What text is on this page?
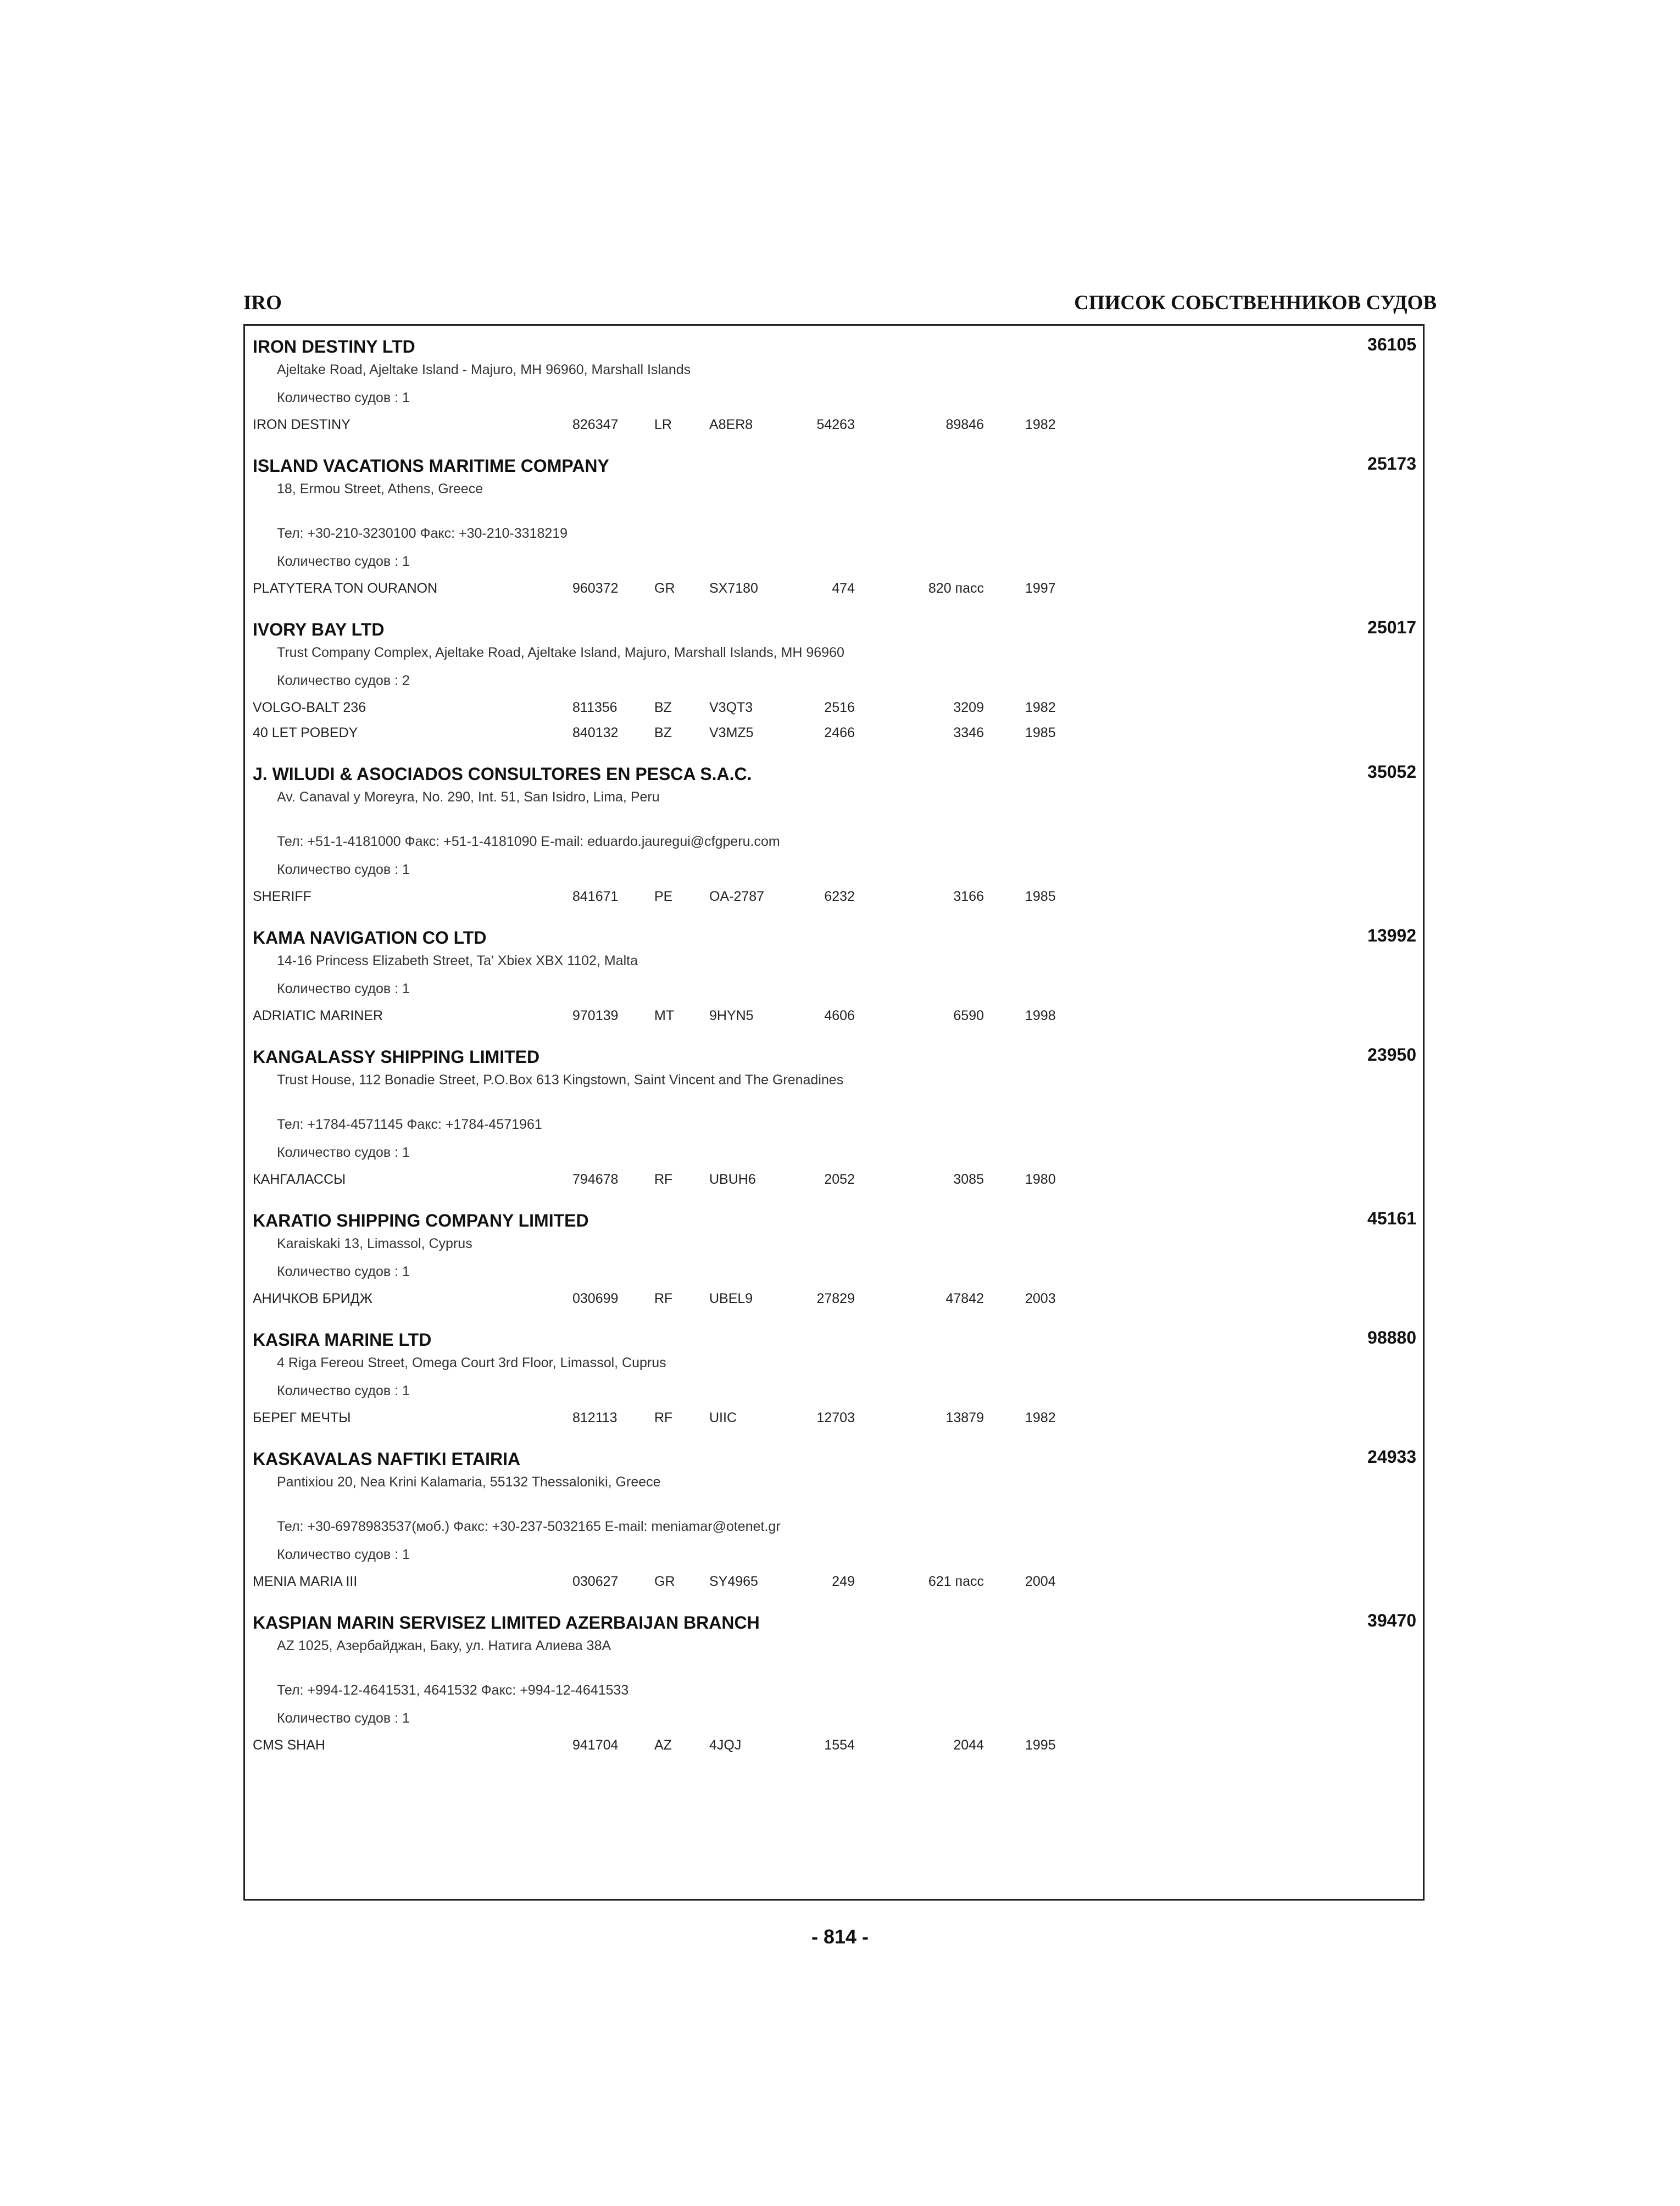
IRO	СПИСОК СОБСТВЕННИКОВ СУДОВ
IRON DESTINY LTD	36105
Ajeltake Road, Ajeltake Island - Majuro, MH 96960, Marshall Islands
Количество судов : 1
IRON DESTINY	826347	LR	A8ER8	54263	89846	1982
ISLAND VACATIONS MARITIME COMPANY	25173
18, Ermou Street, Athens, Greece
Тел: +30-210-3230100 Факс: +30-210-3318219
Количество судов : 1
PLATYTERA TON OURANON	960372	GR	SX7180	474	820 пасс	1997
IVORY BAY LTD	25017
Trust Company Complex, Ajeltake Road, Ajeltake Island, Majuro, Marshall Islands, MH 96960
Количество судов : 2
VOLGO-BALT 236	811356	BZ	V3QT3	2516	3209	1982
40 LET POBEDY	840132	BZ	V3MZ5	2466	3346	1985
J. WILUDI & ASOCIADOS CONSULTORES EN PESCA S.A.C.	35052
Av. Canaval y Moreyra, No. 290, Int. 51, San Isidro, Lima, Peru
Тел: +51-1-4181000 Факс: +51-1-4181090 E-mail: eduardo.jauregui@cfgperu.com
Количество судов : 1
SHERIFF	841671	PE	OA-2787	6232	3166	1985
KAMA NAVIGATION CO LTD	13992
14-16 Princess Elizabeth Street, Ta' Xbiex XBX 1102, Malta
Количество судов : 1
ADRIATIC MARINER	970139	MT	9HYN5	4606	6590	1998
KANGALASSY SHIPPING LIMITED	23950
Trust House, 112 Bonadie Street, P.O.Box 613 Kingstown, Saint Vincent and The Grenadines
Тел: +1784-4571145 Факс: +1784-4571961
Количество судов : 1
КАНГАЛАССЫ	794678	RF	UBUH6	2052	3085	1980
KARATIO SHIPPING COMPANY LIMITED	45161
Karaiskaki 13, Limassol, Cyprus
Количество судов : 1
АНИЧКОВ БРИДЖ	030699	RF	UBEL9	27829	47842	2003
KASIRA MARINE LTD	98880
4 Riga Fereou Street, Omega Court 3rd Floor, Limassol, Cuprus
Количество судов : 1
БЕРЕГ МЕЧТЫ	812113	RF	UIIC	12703	13879	1982
KASKAVALAS NAFTIKI ETAIRIA	24933
Pantixiou 20, Nea Krini Kalamaria, 55132 Thessaloniki, Greece
Тел: +30-6978983537(моб.) Факс: +30-237-5032165 E-mail: meniamar@otenet.gr
Количество судов : 1
MENIA MARIA III	030627	GR	SY4965	249	621 пасс	2004
KASPIAN MARIN SERVISEZ LIMITED AZERBAIJAN BRANCH	39470
AZ 1025, Азербайджан, Баку, ул. Натига Алиева 38А
Тел: +994-12-4641531, 4641532 Факс: +994-12-4641533
Количество судов : 1
CMS SHAH	941704	AZ	4JQJ	1554	2044	1995
- 814 -
